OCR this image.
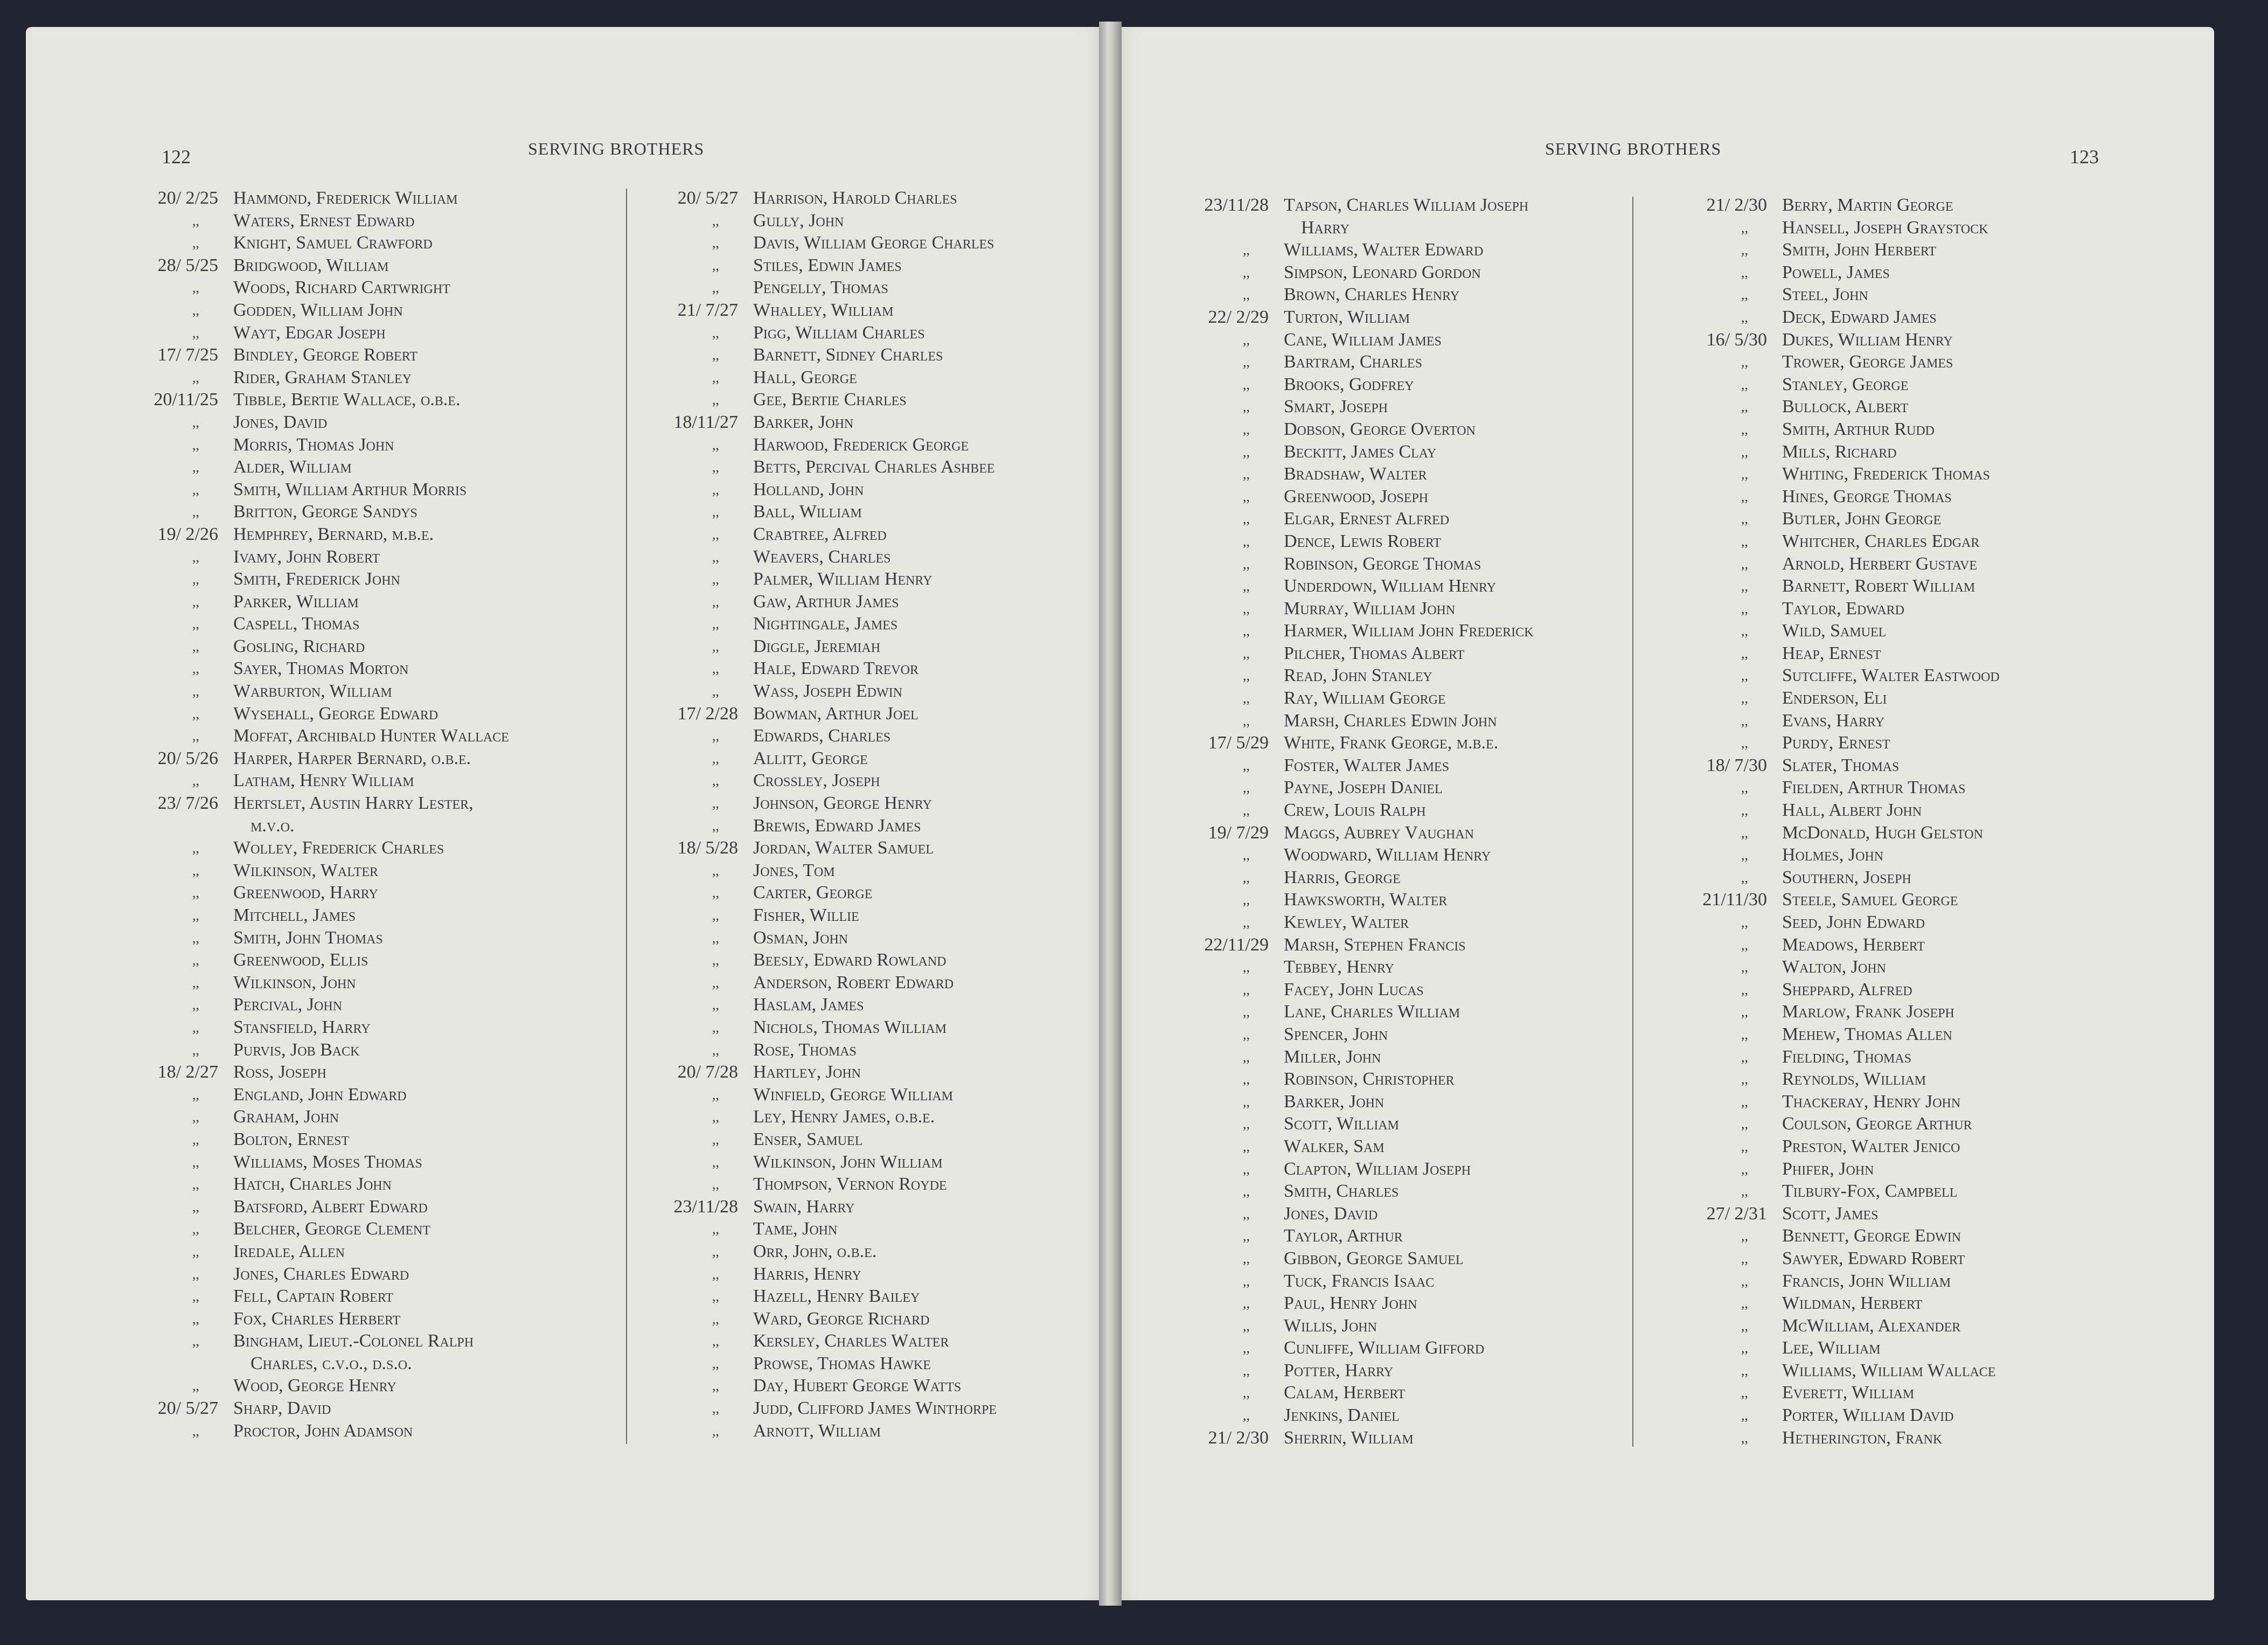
122	SERVING BROTHERS	SERVING BROTHERS	123
20/ 2/25 Hammond, Frederick William
,,	Waters, Ernest Edward
,,	Knight, Samuel Crawford
28/ 5/25 Bridgwood, William
,,	Woods, Richard Cartwright
,,	Godden, William John
,,	Wayt, Edgar Joseph
17/ 7/25 Bindley, George Robert
,,	Rider, Graham Stanley
20/11/25 Tibble, Bertie Wallace, o.b.e.
,,	Jones, David
,,	Morris, Thomas John
,,	Alder, William
,,	Smith, William Arthur Morris
,,	Britton, George Sandys
19/ 2/26 Hemphrey, Bernard, m.b.e.
,,	Ivamy, John Robert
,,	Smith, Frederick John
,,	Parker, William
,,	Caspell, Thomas
,,	Gosling, Richard
,,	Sayer, Thomas Morton
,,	Warburton, William
,,	Wysehall, George Edward
,,	Moffat, Archibald Hunter Wallace
20/ 5/26 Harper, Harper Bernard, o.b.e.
,,	Latham, Henry William
23/ 7/26 Hertslet, Austin Harry Lester,
m.v.o.
,,	Wolley, Frederick Charles
,,	Wilkinson, Walter
,,	Greenwood, Harry
,,	Mitchell, James
,,	Smith, John Thomas
,,	Greenwood, Ellis
,,	Wilkinson, John
,,	Percival, John
,,	Stansfield, Harry
,,	Purvis, Job Back
18/ 2/27 Ross, Joseph
,,	England, John Edward
,,	Graham, John
,,	Bolton, Ernest
,,	Williams, Moses Thomas
,,	Hatch, Charles John
,,	Batsford, Albert Edward
,,	Belcher, George Clement
,,	Iredale, Allen
,,	Jones, Charles Edward
,,	Fell, Captain Robert
,,	Fox, Charles Herbert
,,	Bingham, Lieut.-Colonel Ralph
Charles, c.v.o., d.s.o.
,,	Wood, George Henry
20/ 5/27 Sharp, David
,,	Proctor, John Adamson
20/ 5/27 Harrison, Harold Charles
,,	Gully, John
,,	Davis, William George Charles
,,	Stiles, Edwin James
,,	Pengelly, Thomas
21/ 7/27 Whalley, William
,,	Pigg, William Charles
,,	Barnett, Sidney Charles
,,	Hall, George
,,	Gee, Bertie Charles
18/11/27 Barker, John
,,	Harwood, Frederick George
,,	Betts, Percival Charles Ashbee
,,	Holland, John
,,	Ball, William
,,	Crabtree, Alfred
,,	Weavers, Charles
,,	Palmer, William Henry
,,	Gaw, Arthur James
,,	Nightingale, James
,,	Diggle, Jeremiah
,,	Hale, Edward Trevor
,,	Wass, Joseph Edwin
17/ 2/28 Bowman, Arthur Joel
,,	Edwards, Charles
,,	Allitt, George
,,	Crossley, Joseph
,,	Johnson, George Henry
,,	Brewis, Edward James
18/ 5/28 Jordan, Walter Samuel
,,	Jones, Tom
,,	Carter, George
,,	Fisher, Willie
,,	Osman, John
,,	Beesly, Edward Rowland
,,	Anderson, Robert Edward
,,	Haslam, James
,,	Nichols, Thomas William
,,	Rose, Thomas
20/ 7/28 Hartley, John
,,	Winfield, George William
,,	Ley, Henry James, o.b.e.
,,	Enser, Samuel
,,	Wilkinson, John William
,,	Thompson, Vernon Royde
23/11/28 Swain, Harry
,,	Tame, John
,,	Orr, John, o.b.e.
,,	Harris, Henry
,,	Hazell, Henry Bailey
,,	Ward, George Richard
,,	Kersley, Charles Walter
,,	Prowse, Thomas Hawke
,,	Day, Hubert George Watts
,,	Judd, Clifford James Winthorpe
,,	Arnott, William
23/11/28 Tapson, Charles William Joseph
Harry
,,	Williams, Walter Edward
,,	Simpson, Leonard Gordon
,,	Brown, Charles Henry
22/ 2/29 Turton, William
,,	Cane, William James
,,	Bartram, Charles
,,	Brooks, Godfrey
,,	Smart, Joseph
,,	Dobson, George Overton
,,	Beckitt, James Clay
,,	Bradshaw, Walter
,,	Greenwood, Joseph
,,	Elgar, Ernest Alfred
,,	Dence, Lewis Robert
,,	Robinson, George Thomas
,,	Underdown, William Henry
,,	Murray, William John
,,	Harmer, William John Frederick
,,	Pilcher, Thomas Albert
,,	Read, John Stanley
,,	Ray, William George
,,	Marsh, Charles Edwin John
17/ 5/29 White, Frank George, m.b.e.
,,	Foster, Walter James
,,	Payne, Joseph Daniel
,,	Crew, Louis Ralph
19/ 7/29 Maggs, Aubrey Vaughan
,,	Woodward, William Henry
,,	Harris, George
,,	Hawksworth, Walter
,,	Kewley, Walter
22/11/29 Marsh, Stephen Francis
,,	Tebbey, Henry
,,	Facey, John Lucas
,,	Lane, Charles William
,,	Spencer, John
,,	Miller, John
,,	Robinson, Christopher
,,	Barker, John
,,	Scott, William
,,	Walker, Sam
,,	Clapton, William Joseph
,,	Smith, Charles
,,	Jones, David
,,	Taylor, Arthur
,,	Gibbon, George Samuel
,,	Tuck, Francis Isaac
,,	Paul, Henry John
,,	Willis, John
,,	Cunliffe, William Gifford
,,	Potter, Harry
,,	Calam, Herbert
,,	Jenkins, Daniel
21/ 2/30 Sherrin, William
21/ 2/30 Berry, Martin George
,,	Hansell, Joseph Graystock
,,	Smith, John Herbert
,,	Powell, James
,,	Steel, John
,,	Deck, Edward James
16/ 5/30 Dukes, William Henry
,,	Trower, George James
,,	Stanley, George
,,	Bullock, Albert
,,	Smith, Arthur Rudd
,,	Mills, Richard
,,	Whiting, Frederick Thomas
,,	Hines, George Thomas
,,	Butler, John George
,,	Whitcher, Charles Edgar
,,	Arnold, Herbert Gustave
,,	Barnett, Robert William
,,	Taylor, Edward
,,	Wild, Samuel
,,	Heap, Ernest
,,	Sutcliffe, Walter Eastwood
,,	Enderson, Eli
,,	Evans, Harry
,,	Purdy, Ernest
18/ 7/30 Slater, Thomas
,,	Fielden, Arthur Thomas
,,	Hall, Albert John
,,	McDonald, Hugh Gelston
,,	Holmes, John
,,	Southern, Joseph
21/11/30 Steele, Samuel George
,,	Seed, John Edward
,,	Meadows, Herbert
,,	Walton, John
,,	Sheppard, Alfred
,,	Marlow, Frank Joseph
,,	Mehew, Thomas Allen
,,	Fielding, Thomas
,,	Reynolds, William
,,	Thackeray, Henry John
,,	Coulson, George Arthur
,,	Preston, Walter Jenico
,,	Phifer, John
,,	Tilbury-Fox, Campbell
27/ 2/31 Scott, James
,,	Bennett, George Edwin
,,	Sawyer, Edward Robert
,,	Francis, John William
,,	Wildman, Herbert
,,	McWilliam, Alexander
,,	Lee, William
,,	Williams, William Wallace
,,	Everett, William
,,	Porter, William David
,,	Hetherington, Frank
